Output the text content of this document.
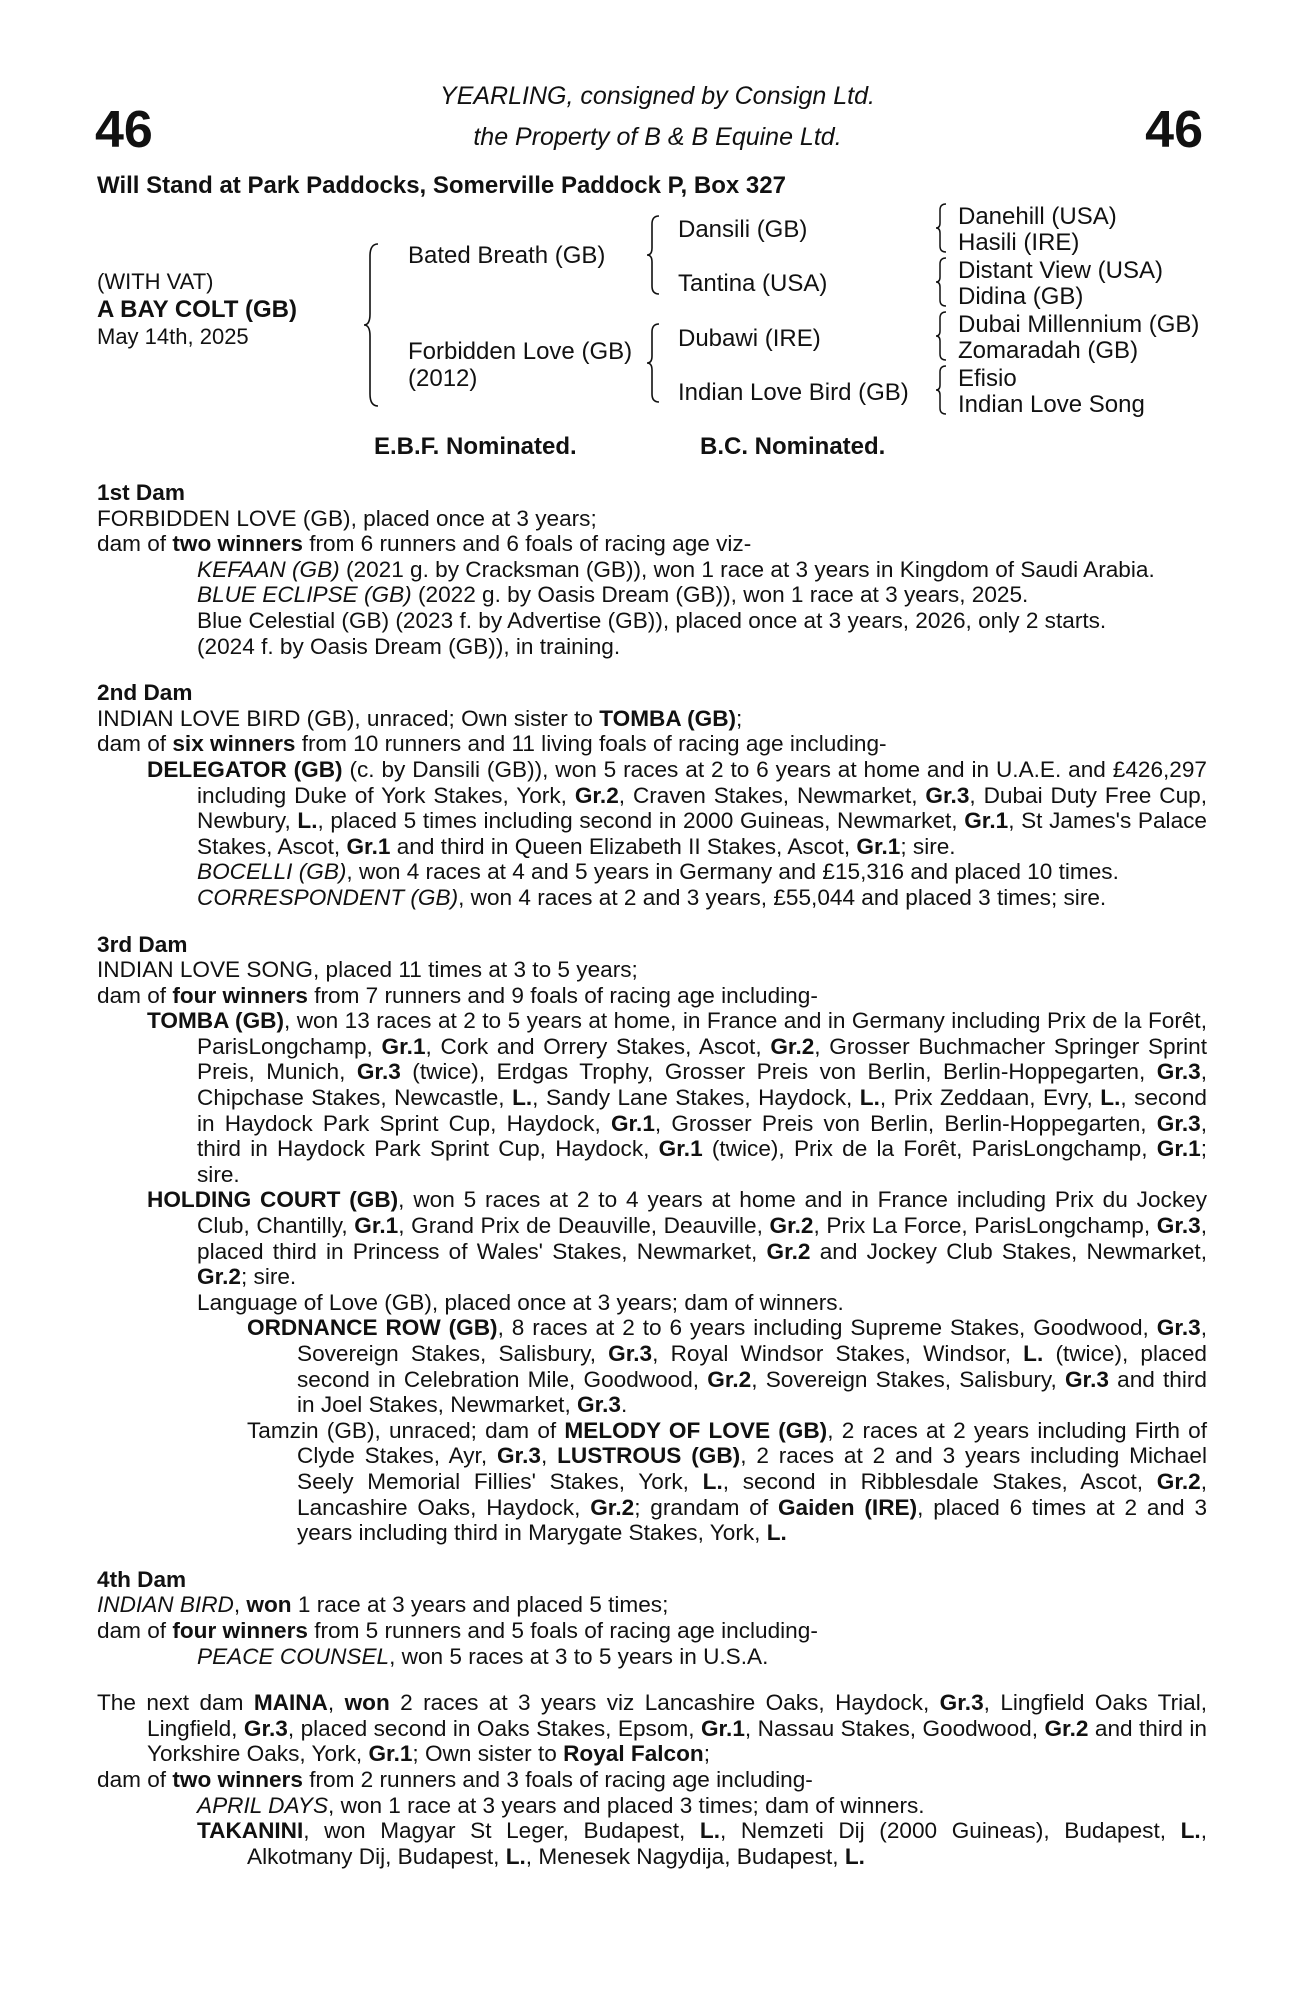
46	46
YEARLING, consigned by Consign Ltd.
the Property of B & B Equine Ltd.
Will Stand at Park Paddocks, Somerville Paddock P, Box 327
(WITH VAT)
A BAY COLT (GB)
May 14th, 2025
Bated Breath (GB)
Forbidden Love (GB)
(2012)
Dansili (GB)
Tantina (USA)
Dubawi (IRE)
Indian Love Bird (GB)
Danehill (USA)
Hasili (IRE)
Distant View (USA)
Didina (GB)
Dubai Millennium (GB)
Zomaradah (GB)
Efisio
Indian Love Song
E.B.F. Nominated.	B.C. Nominated.

1st Dam

FORBIDDEN LOVE (GB), placed once at 3 years;

dam of two winners from 6 runners and 6 foals of racing age viz-

KEFAAN (GB) (2021 g. by Cracksman (GB)), won 1 race at 3 years in Kingdom of Saudi Arabia.

BLUE ECLIPSE (GB) (2022 g. by Oasis Dream (GB)), won 1 race at 3 years, 2025.

Blue Celestial (GB) (2023 f. by Advertise (GB)), placed once at 3 years, 2026, only 2 starts.

(2024 f. by Oasis Dream (GB)), in training.

2nd Dam

INDIAN LOVE BIRD (GB), unraced; Own sister to TOMBA (GB);

dam of six winners from 10 runners and 11 living foals of racing age including-

DELEGATOR (GB) (c. by Dansili (GB)), won 5 races at 2 to 6 years at home and in U.A.E. and £426,297 including Duke of York Stakes, York, Gr.2, Craven Stakes, Newmarket, Gr.3, Dubai Duty Free Cup, Newbury, L., placed 5 times including second in 2000 Guineas, Newmarket, Gr.1, St James's Palace Stakes, Ascot, Gr.1 and third in Queen Elizabeth II Stakes, Ascot, Gr.1; sire.

BOCELLI (GB), won 4 races at 4 and 5 years in Germany and £15,316 and placed 10 times.

CORRESPONDENT (GB), won 4 races at 2 and 3 years, £55,044 and placed 3 times; sire.

3rd Dam

INDIAN LOVE SONG, placed 11 times at 3 to 5 years;

dam of four winners from 7 runners and 9 foals of racing age including-

TOMBA (GB), won 13 races at 2 to 5 years at home, in France and in Germany including Prix de la Forêt, ParisLongchamp, Gr.1, Cork and Orrery Stakes, Ascot, Gr.2, Grosser Buchmacher Springer Sprint Preis, Munich, Gr.3 (twice), Erdgas Trophy, Grosser Preis von Berlin, Berlin-Hoppegarten, Gr.3, Chipchase Stakes, Newcastle, L., Sandy Lane Stakes, Haydock, L., Prix Zeddaan, Evry, L., second in Haydock Park Sprint Cup, Haydock, Gr.1, Grosser Preis von Berlin, Berlin-Hoppegarten, Gr.3, third in Haydock Park Sprint Cup, Haydock, Gr.1 (twice), Prix de la Forêt, ParisLongchamp, Gr.1; sire.

HOLDING COURT (GB), won 5 races at 2 to 4 years at home and in France including Prix du Jockey Club, Chantilly, Gr.1, Grand Prix de Deauville, Deauville, Gr.2, Prix La Force, ParisLongchamp, Gr.3, placed third in Princess of Wales' Stakes, Newmarket, Gr.2 and Jockey Club Stakes, Newmarket, Gr.2; sire.

Language of Love (GB), placed once at 3 years; dam of winners.

ORDNANCE ROW (GB), 8 races at 2 to 6 years including Supreme Stakes, Goodwood, Gr.3, Sovereign Stakes, Salisbury, Gr.3, Royal Windsor Stakes, Windsor, L. (twice), placed second in Celebration Mile, Goodwood, Gr.2, Sovereign Stakes, Salisbury, Gr.3 and third in Joel Stakes, Newmarket, Gr.3.

Tamzin (GB), unraced; dam of MELODY OF LOVE (GB), 2 races at 2 years including Firth of Clyde Stakes, Ayr, Gr.3, LUSTROUS (GB), 2 races at 2 and 3 years including Michael Seely Memorial Fillies' Stakes, York, L., second in Ribblesdale Stakes, Ascot, Gr.2, Lancashire Oaks, Haydock, Gr.2; grandam of Gaiden (IRE), placed 6 times at 2 and 3 years including third in Marygate Stakes, York, L.

4th Dam

INDIAN BIRD, won 1 race at 3 years and placed 5 times;

dam of four winners from 5 runners and 5 foals of racing age including-

PEACE COUNSEL, won 5 races at 3 to 5 years in U.S.A.

The next dam MAINA, won 2 races at 3 years viz Lancashire Oaks, Haydock, Gr.3, Lingfield Oaks Trial, Lingfield, Gr.3, placed second in Oaks Stakes, Epsom, Gr.1, Nassau Stakes, Goodwood, Gr.2 and third in Yorkshire Oaks, York, Gr.1; Own sister to Royal Falcon;

dam of two winners from 2 runners and 3 foals of racing age including-

APRIL DAYS, won 1 race at 3 years and placed 3 times; dam of winners.

TAKANINI, won Magyar St Leger, Budapest, L., Nemzeti Dij (2000 Guineas), Budapest, L., Alkotmany Dij, Budapest, L., Menesek Nagydija, Budapest, L.
